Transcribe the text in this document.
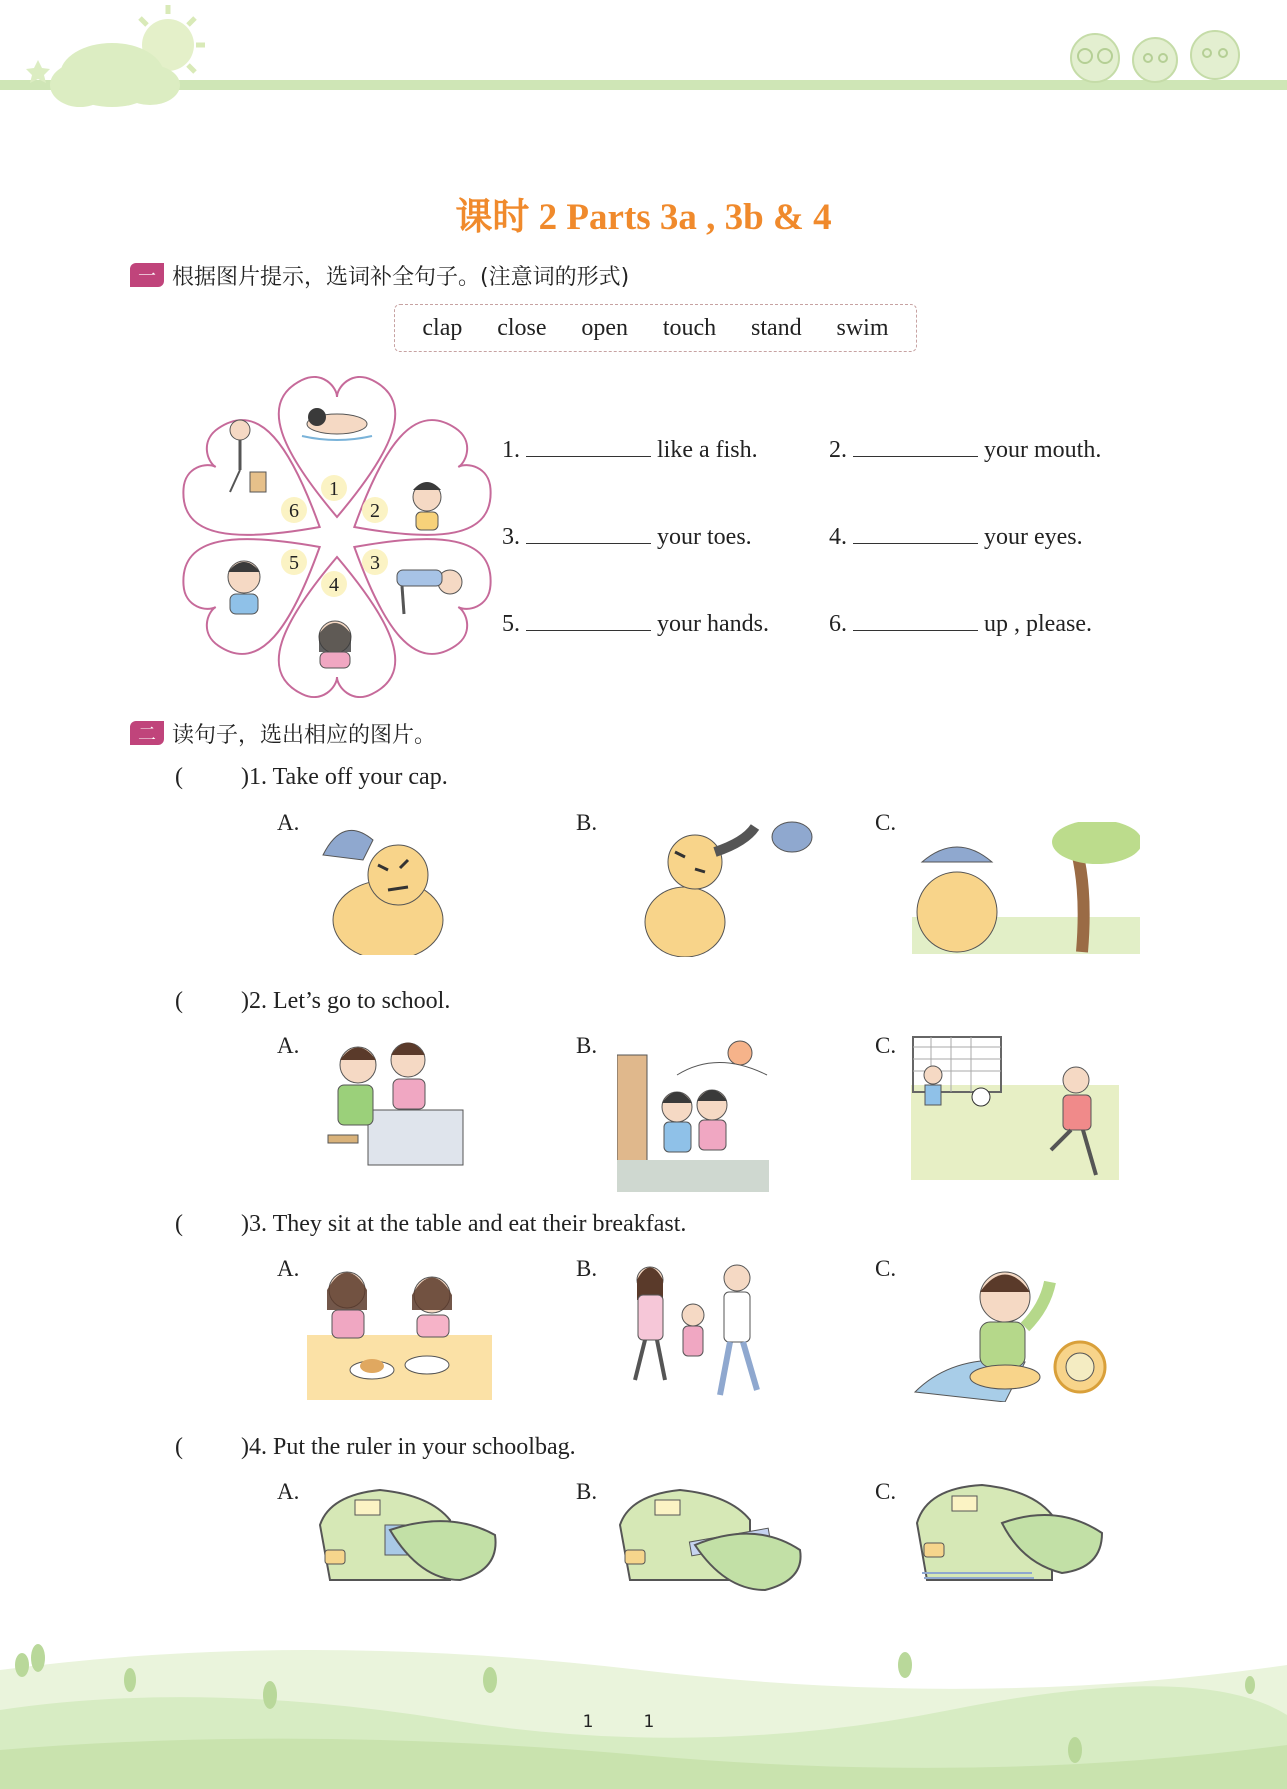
课时 2 Parts 3a , 3b & 4
一 根据图片提示，选词补全句子。(注意词的形式)
clap close open touch stand swim
1
2
3
4
5
6
1.	like a fish.	2.	your mouth.
3.	your toes.	4.	your eyes.
5.	your hands.	6.	up , please.
二 读句子，选出相应的图片。
( )1. Take off your cap.
A.	B.	C.
( )2. Let’s go to school.
A.	B.	C.
( )3. They sit at the table and eat their breakfast.
A.	B.	C.
( )4. Put the ruler in your schoolbag.
A.	B.	C.
11
